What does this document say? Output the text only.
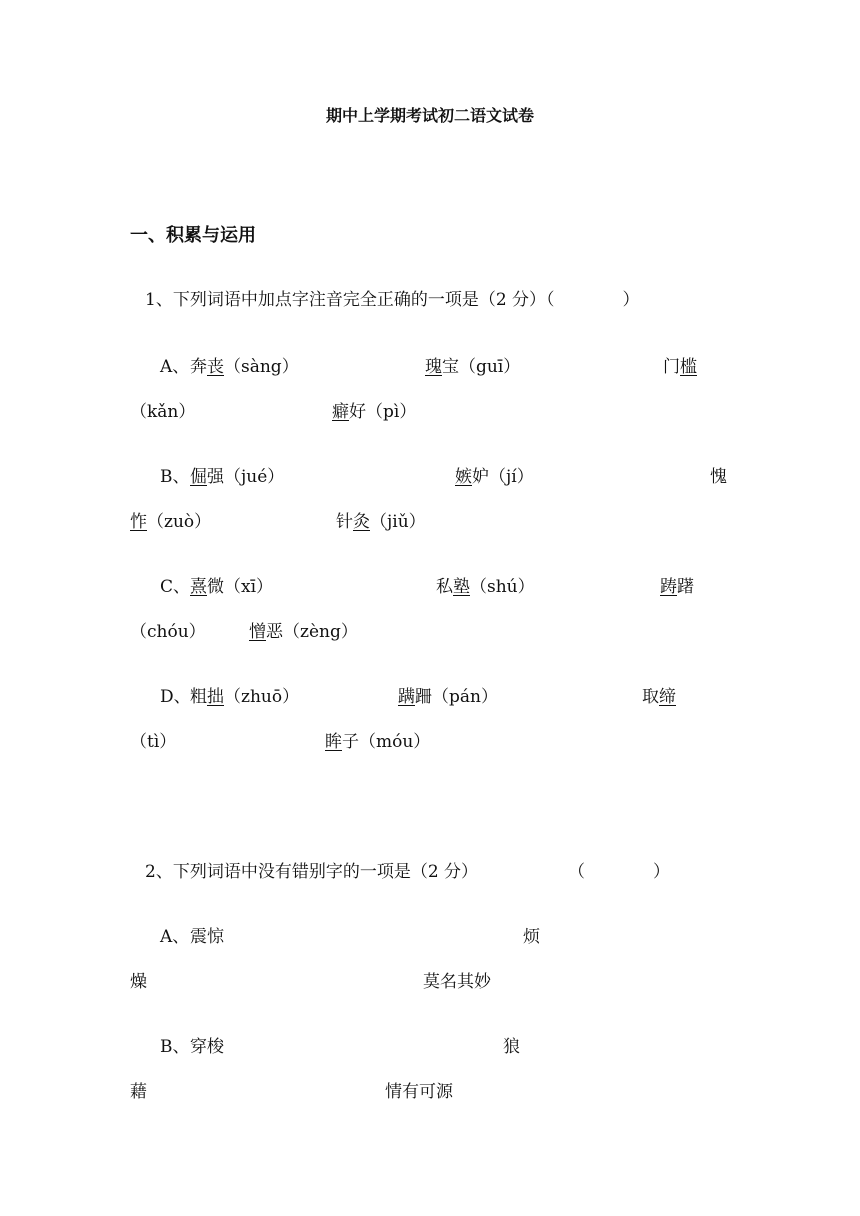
期中上学期考试初二语文试卷
一、积累与运用
1、下列词语中加点字注音完全正确的一项是（2 分）（　　　　）
A、 奔丧（sàng）	瑰宝（guī）	门槛
（kǎn）	癖好（pì）
B、 倔强（jué）	嫉妒（jí）	愧
怍（zuò）	针灸（jiǔ）
C、 熹微（xī）	私塾（shú）	踌躇
（chóu）	憎恶（zèng）
D、 粗拙（zhuō）	蹒跚（pán）	取缔
（tì）	眸子（móu）
2、下列词语中没有错别字的一项是（2 分）	（　　　　）
A、 震惊	烦
燥	莫名其妙
B、 穿梭	狼
藉	情有可源
